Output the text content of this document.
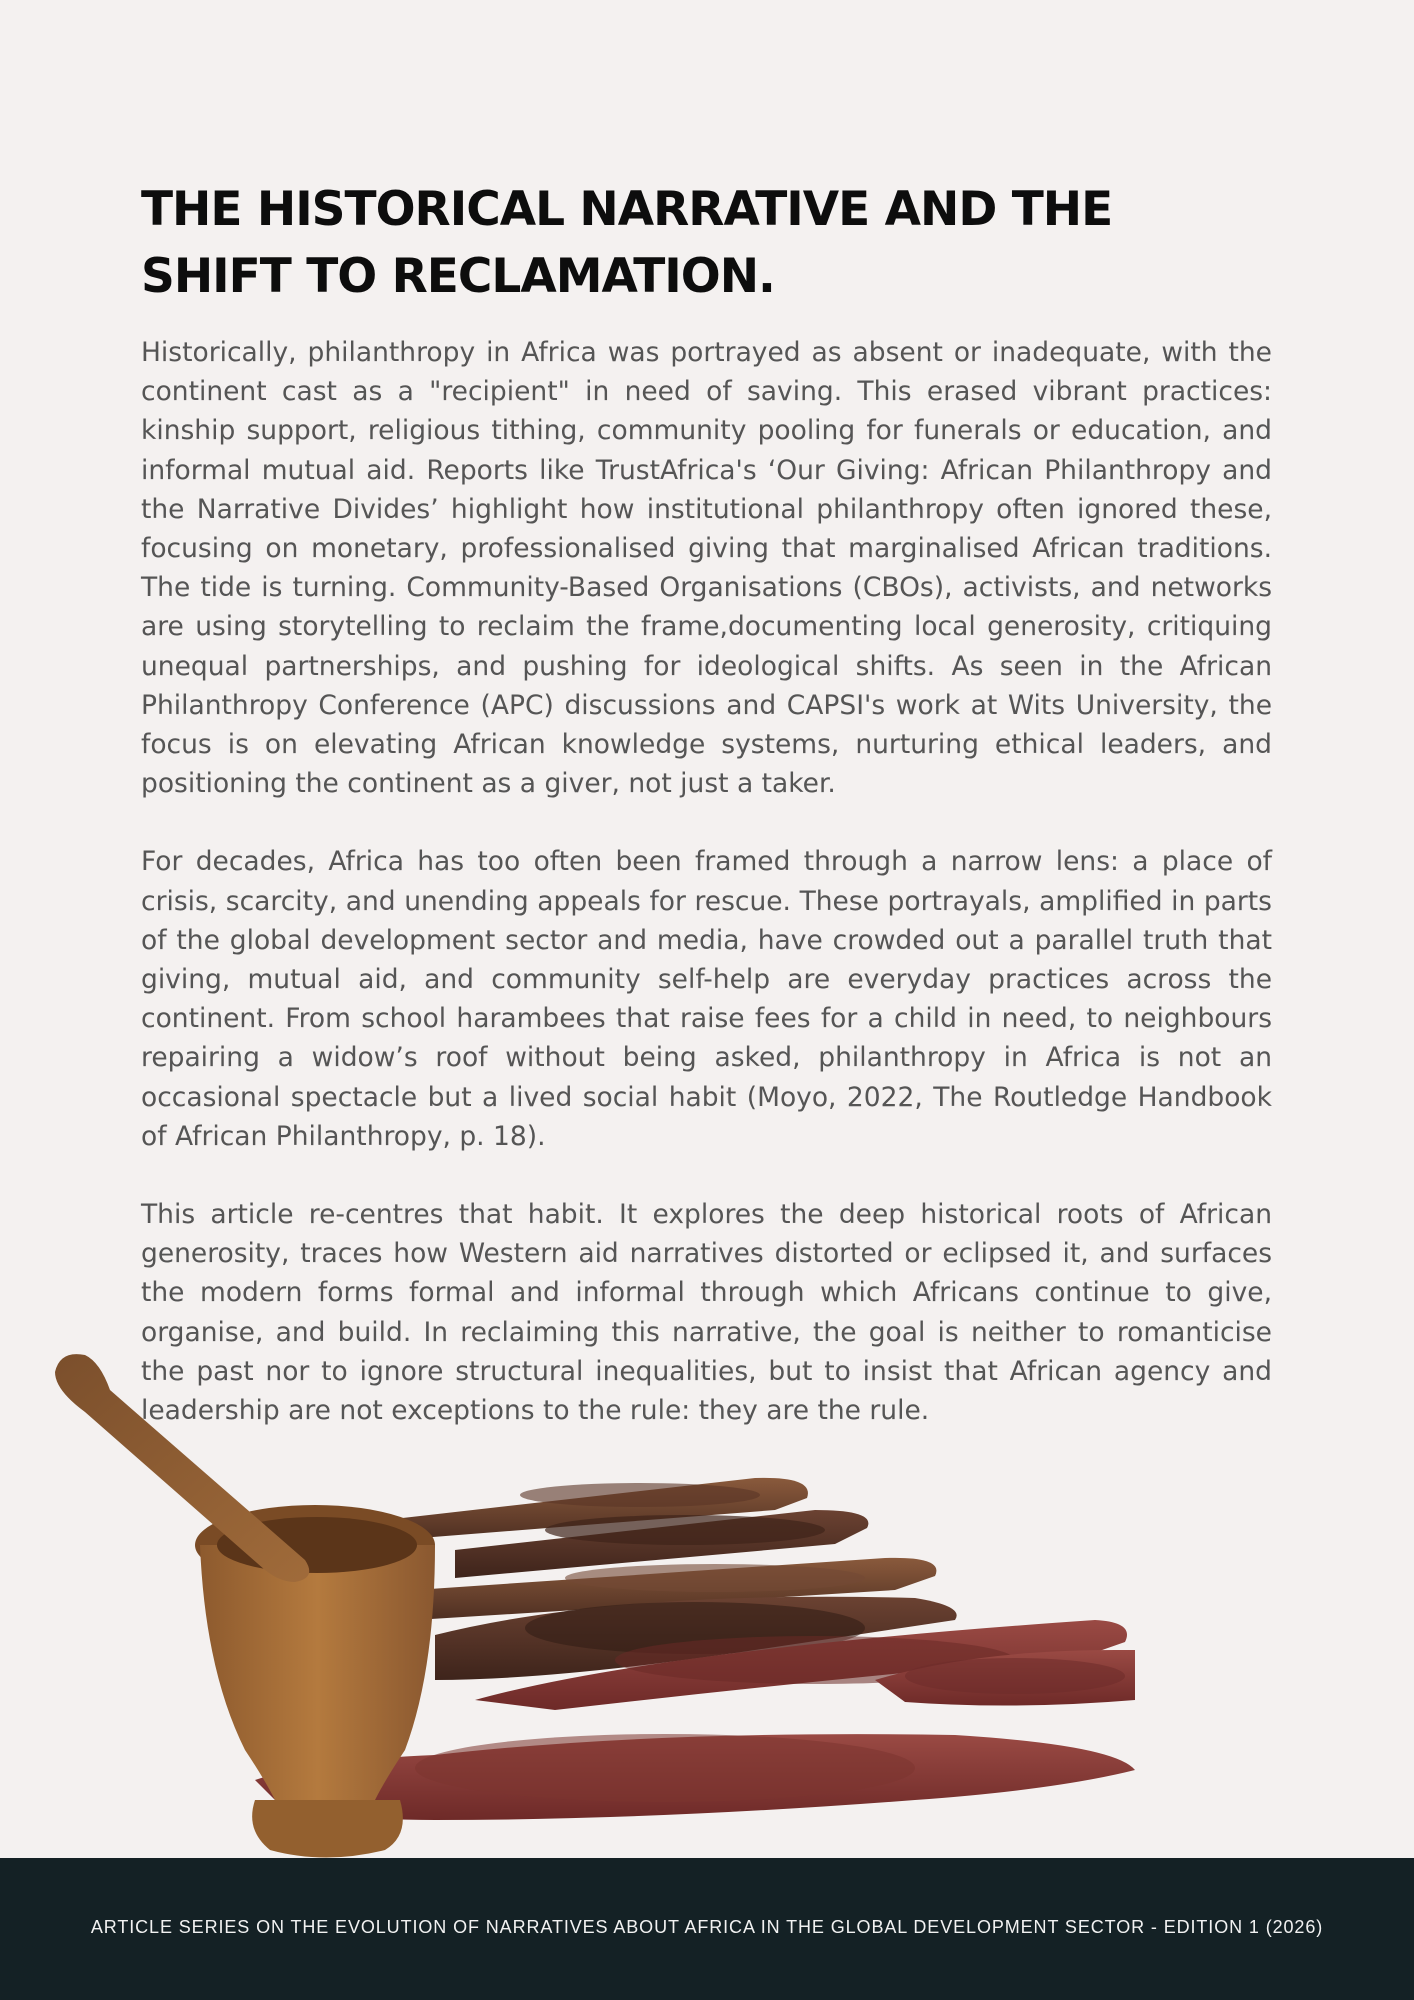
THE HISTORICAL NARRATIVE AND THE SHIFT TO RECLAMATION.

Historically, philanthropy in Africa was portrayed as absent or inadequate, with the continent cast as a "recipient" in need of saving. This erased vibrant practices: kinship support, religious tithing, community pooling for funerals or education, and informal mutual aid. Reports like TrustAfrica's ‘Our Giving: African Philanthropy and the Narrative Divides’ highlight how institutional philanthropy often ignored these, focusing on monetary, professionalised giving that marginalised African traditions. The tide is turning. Community-Based Organisations (CBOs), activists, and networks are using storytelling to reclaim the frame,documenting local generosity, critiquing unequal partnerships, and pushing for ideological shifts. As seen in the African Philanthropy Conference (APC) discussions and CAPSI's work at Wits University, the focus is on elevating African knowledge systems, nurturing ethical leaders, and positioning the continent as a giver, not just a taker.

For decades, Africa has too often been framed through a narrow lens: a place of crisis, scarcity, and unending appeals for rescue. These portrayals, amplified in parts of the global development sector and media, have crowded out a parallel truth that giving, mutual aid, and community self-help are everyday practices across the continent. From school harambees that raise fees for a child in need, to neighbours repairing a widow’s roof without being asked, philanthropy in Africa is not an occasional spectacle but a lived social habit (Moyo, 2022, The Routledge Handbook of African Philanthropy, p. 18).

This article re-centres that habit. It explores the deep historical roots of African generosity, traces how Western aid narratives distorted or eclipsed it, and surfaces the modern forms formal and informal through which Africans continue to give, organise, and build. In reclaiming this narrative, the goal is neither to romanticise the past nor to ignore structural inequalities, but to insist that African agency and leadership are not exceptions to the rule: they are the rule.

ARTICLE SERIES ON THE EVOLUTION OF NARRATIVES ABOUT AFRICA IN THE GLOBAL DEVELOPMENT SECTOR - EDITION 1 (2026)
